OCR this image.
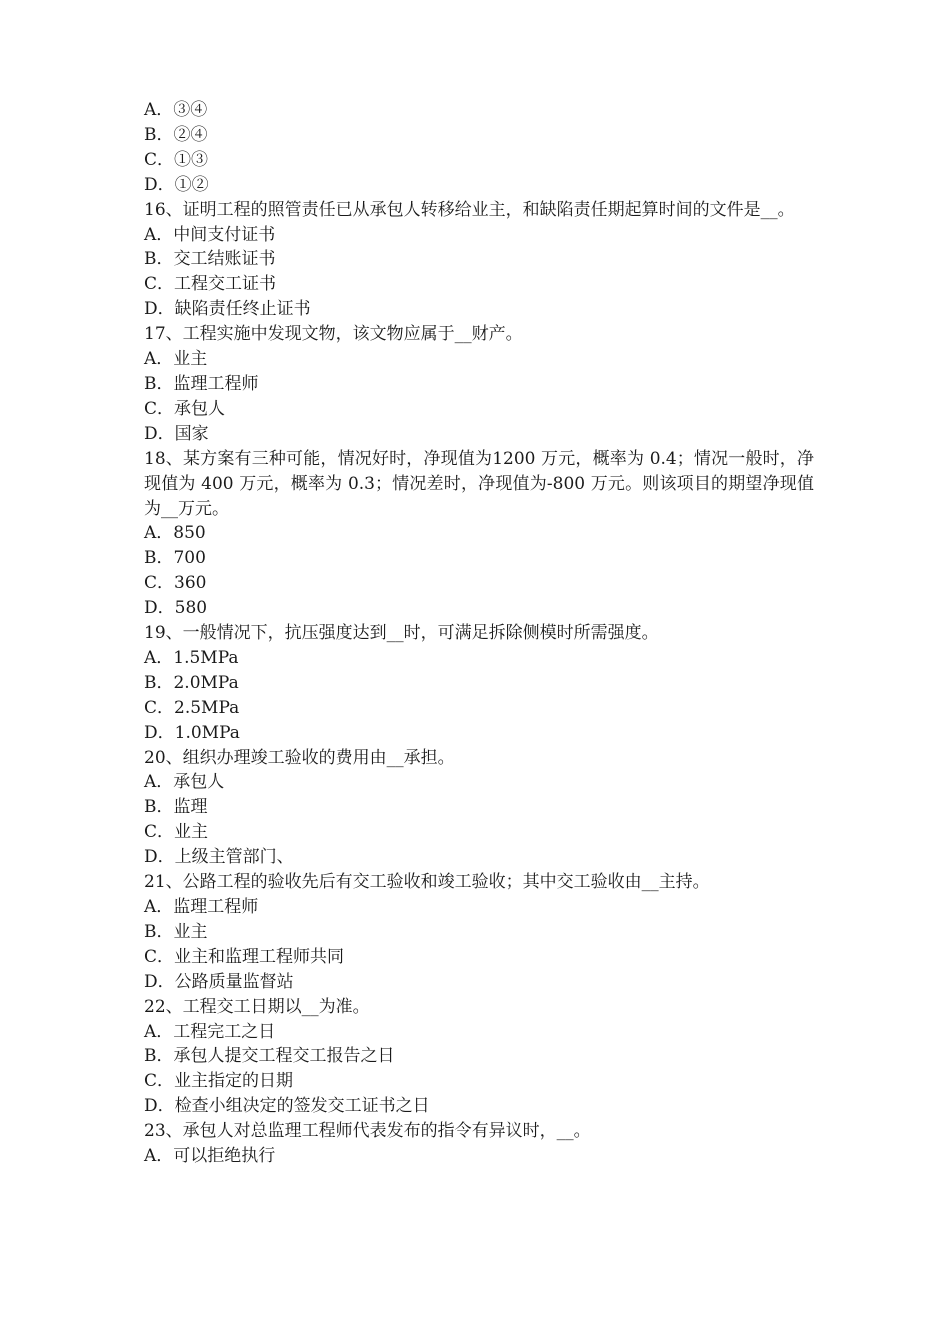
A．③④

B．②④

C．①③

D．①②

16、证明工程的照管责任已从承包人转移给业主，和缺陷责任期起算时间的文件是__。

A．中间支付证书

B．交工结账证书

C．工程交工证书

D．缺陷责任终止证书

17、工程实施中发现文物，该文物应属于__财产。

A．业主

B．监理工程师

C．承包人

D．国家

18、某方案有三种可能，情况好时，净现值为1200 万元，概率为 0.4；情况一般时，净现值为 400 万元，概率为 0.3；情况差时，净现值为-800 万元。则该项目的期望净现值为__万元。

A．850

B．700

C．360

D．580

19、一般情况下，抗压强度达到__时，可满足拆除侧模时所需强度。

A．1.5MPa

B．2.0MPa

C．2.5MPa

D．1.0MPa

20、组织办理竣工验收的费用由__承担。

A．承包人

B．监理

C．业主

D．上级主管部门、

21、公路工程的验收先后有交工验收和竣工验收；其中交工验收由__主持。

A．监理工程师

B．业主

C．业主和监理工程师共同

D．公路质量监督站

22、工程交工日期以__为准。

A．工程完工之日

B．承包人提交工程交工报告之日

C．业主指定的日期

D．检查小组决定的签发交工证书之日

23、承包人对总监理工程师代表发布的指令有异议时，__。

A．可以拒绝执行
